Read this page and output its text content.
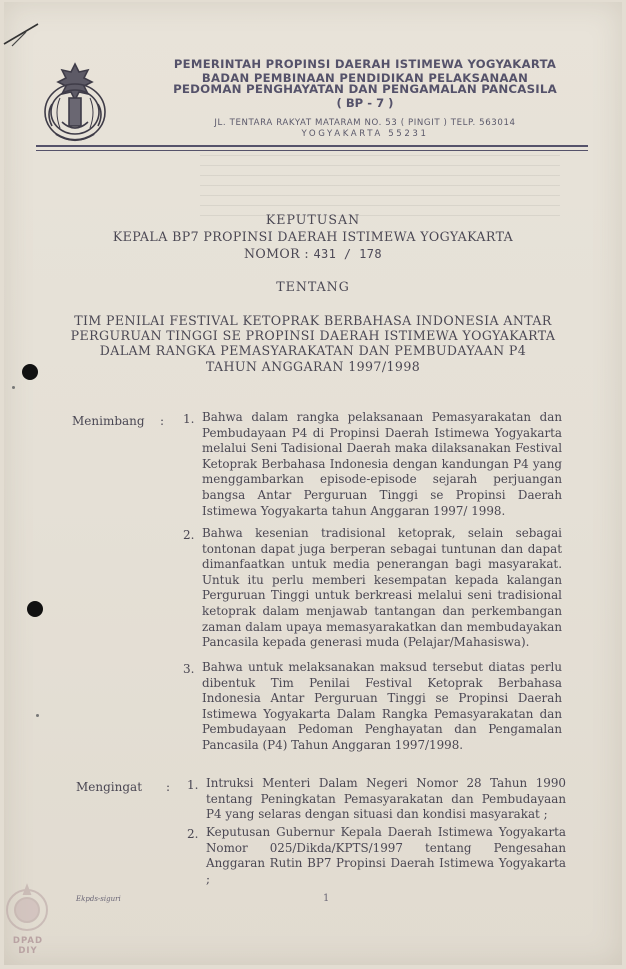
PEMERINTAH PROPINSI DAERAH ISTIMEWA YOGYAKARTA
BADAN PEMBINAAN PENDIDIKAN PELAKSANAAN
PEDOMAN PENGHAYATAN DAN PENGAMALAN PANCASILA
( BP - 7 )
JL. TENTARA RAKYAT MATARAM NO. 53 ( PINGIT ) TELP. 563014
YOGYAKARTA 55231
KEPUTUSAN
KEPALA BP7 PROPINSI DAERAH ISTIMEWA YOGYAKARTA
NOMOR : 431 / 178
TENTANG
TIM PENILAI FESTIVAL KETOPRAK BERBAHASA INDONESIA ANTAR
PERGURUAN TINGGI SE PROPINSI DAERAH ISTIMEWA YOGYAKARTA
DALAM RANGKA PEMASYARAKATAN DAN PEMBUDAYAAN P4
TAHUN ANGGARAN 1997/1998
Menimbang : 1. Bahwa dalam rangka pelaksanaan Pemasyarakatan dan Pembudayaan P4 di Propinsi Daerah Istimewa Yogyakarta melalui Seni Tadisional Daerah maka dilaksanakan Festival Ketoprak Berbahasa Indonesia dengan kandungan P4 yang menggambarkan episode-episode sejarah perjuangan bangsa Antar Perguruan Tinggi se Propinsi Daerah Istimewa Yogyakarta tahun Anggaran 1997/ 1998.

2. Bahwa kesenian tradisional ketoprak, selain sebagai tontonan dapat juga berperan sebagai tuntunan dan dapat dimanfaatkan untuk media penerangan bagi masyarakat. Untuk itu perlu memberi kesempatan kepada kalangan Perguruan Tinggi untuk berkreasi melalui seni tradisional ketoprak dalam menjawab tantangan dan perkembangan zaman dalam upaya memasyarakatkan dan membudayakan Pancasila kepada generasi muda (Pelajar/Mahasiswa).

3. Bahwa untuk melaksanakan maksud tersebut diatas perlu dibentuk Tim Penilai Festival Ketoprak Berbahasa Indonesia Antar Perguruan Tinggi se Propinsi Daerah Istimewa Yogyakarta Dalam Rangka Pemasyarakatan dan Pembudayaan Pedoman Penghayatan dan Pengamalan Pancasila (P4) Tahun Anggaran 1997/1998.

Mengingat : 1. Intruksi Menteri Dalam Negeri Nomor 28 Tahun 1990 tentang Peningkatan Pemasyarakatan dan Pembudayaan P4 yang selaras dengan situasi dan kondisi masyarakat ;

2. Keputusan Gubernur Kepala Daerah Istimewa Yogyakarta Nomor 025/Dikda/KPTS/1997 tentang Pengesahan Anggaran Rutin BP7 Propinsi Daerah Istimewa Yogyakarta ;

Ekpds-siguri	1
DPAD
DIY
